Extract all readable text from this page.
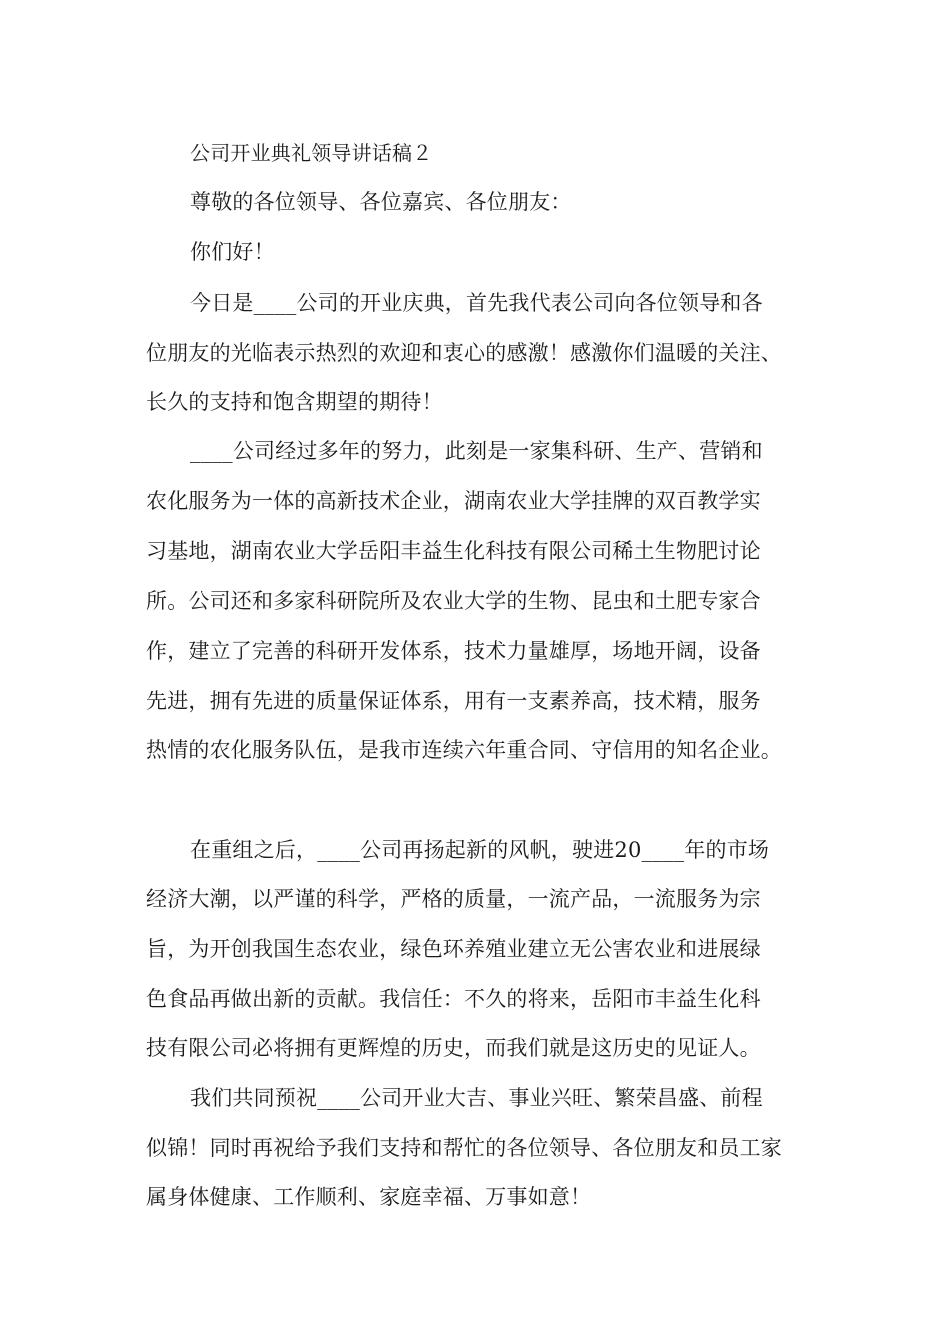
公司开业典礼领导讲话稿２
尊敬的各位领导、各位嘉宾、各位朋友：
你们好！
今日是____公司的开业庆典，首先我代表公司向各位领导和各
位朋友的光临表示热烈的欢迎和衷心的感激！感激你们温暖的关注、
长久的支持和饱含期望的期待！
____公司经过多年的努力，此刻是一家集科研、生产、营销和
农化服务为一体的高新技术企业，湖南农业大学挂牌的双百教学实
习基地，湖南农业大学岳阳丰益生化科技有限公司稀土生物肥讨论
所。公司还和多家科研院所及农业大学的生物、昆虫和土肥专家合
作，建立了完善的科研开发体系，技术力量雄厚，场地开阔，设备
先进，拥有先进的质量保证体系，用有一支素养高，技术精，服务
热情的农化服务队伍，是我市连续六年重合同、守信用的知名企业。
在重组之后，____公司再扬起新的风帆，驶进20____年的市场
经济大潮，以严谨的科学，严格的质量，一流产品，一流服务为宗
旨，为开创我国生态农业，绿色环养殖业建立无公害农业和进展绿
色食品再做出新的贡献。我信任：不久的将来，岳阳市丰益生化科
技有限公司必将拥有更辉煌的历史，而我们就是这历史的见证人。
我们共同预祝____公司开业大吉、事业兴旺、繁荣昌盛、前程
似锦！同时再祝给予我们支持和帮忙的各位领导、各位朋友和员工家
属身体健康、工作顺利、家庭幸福、万事如意！
